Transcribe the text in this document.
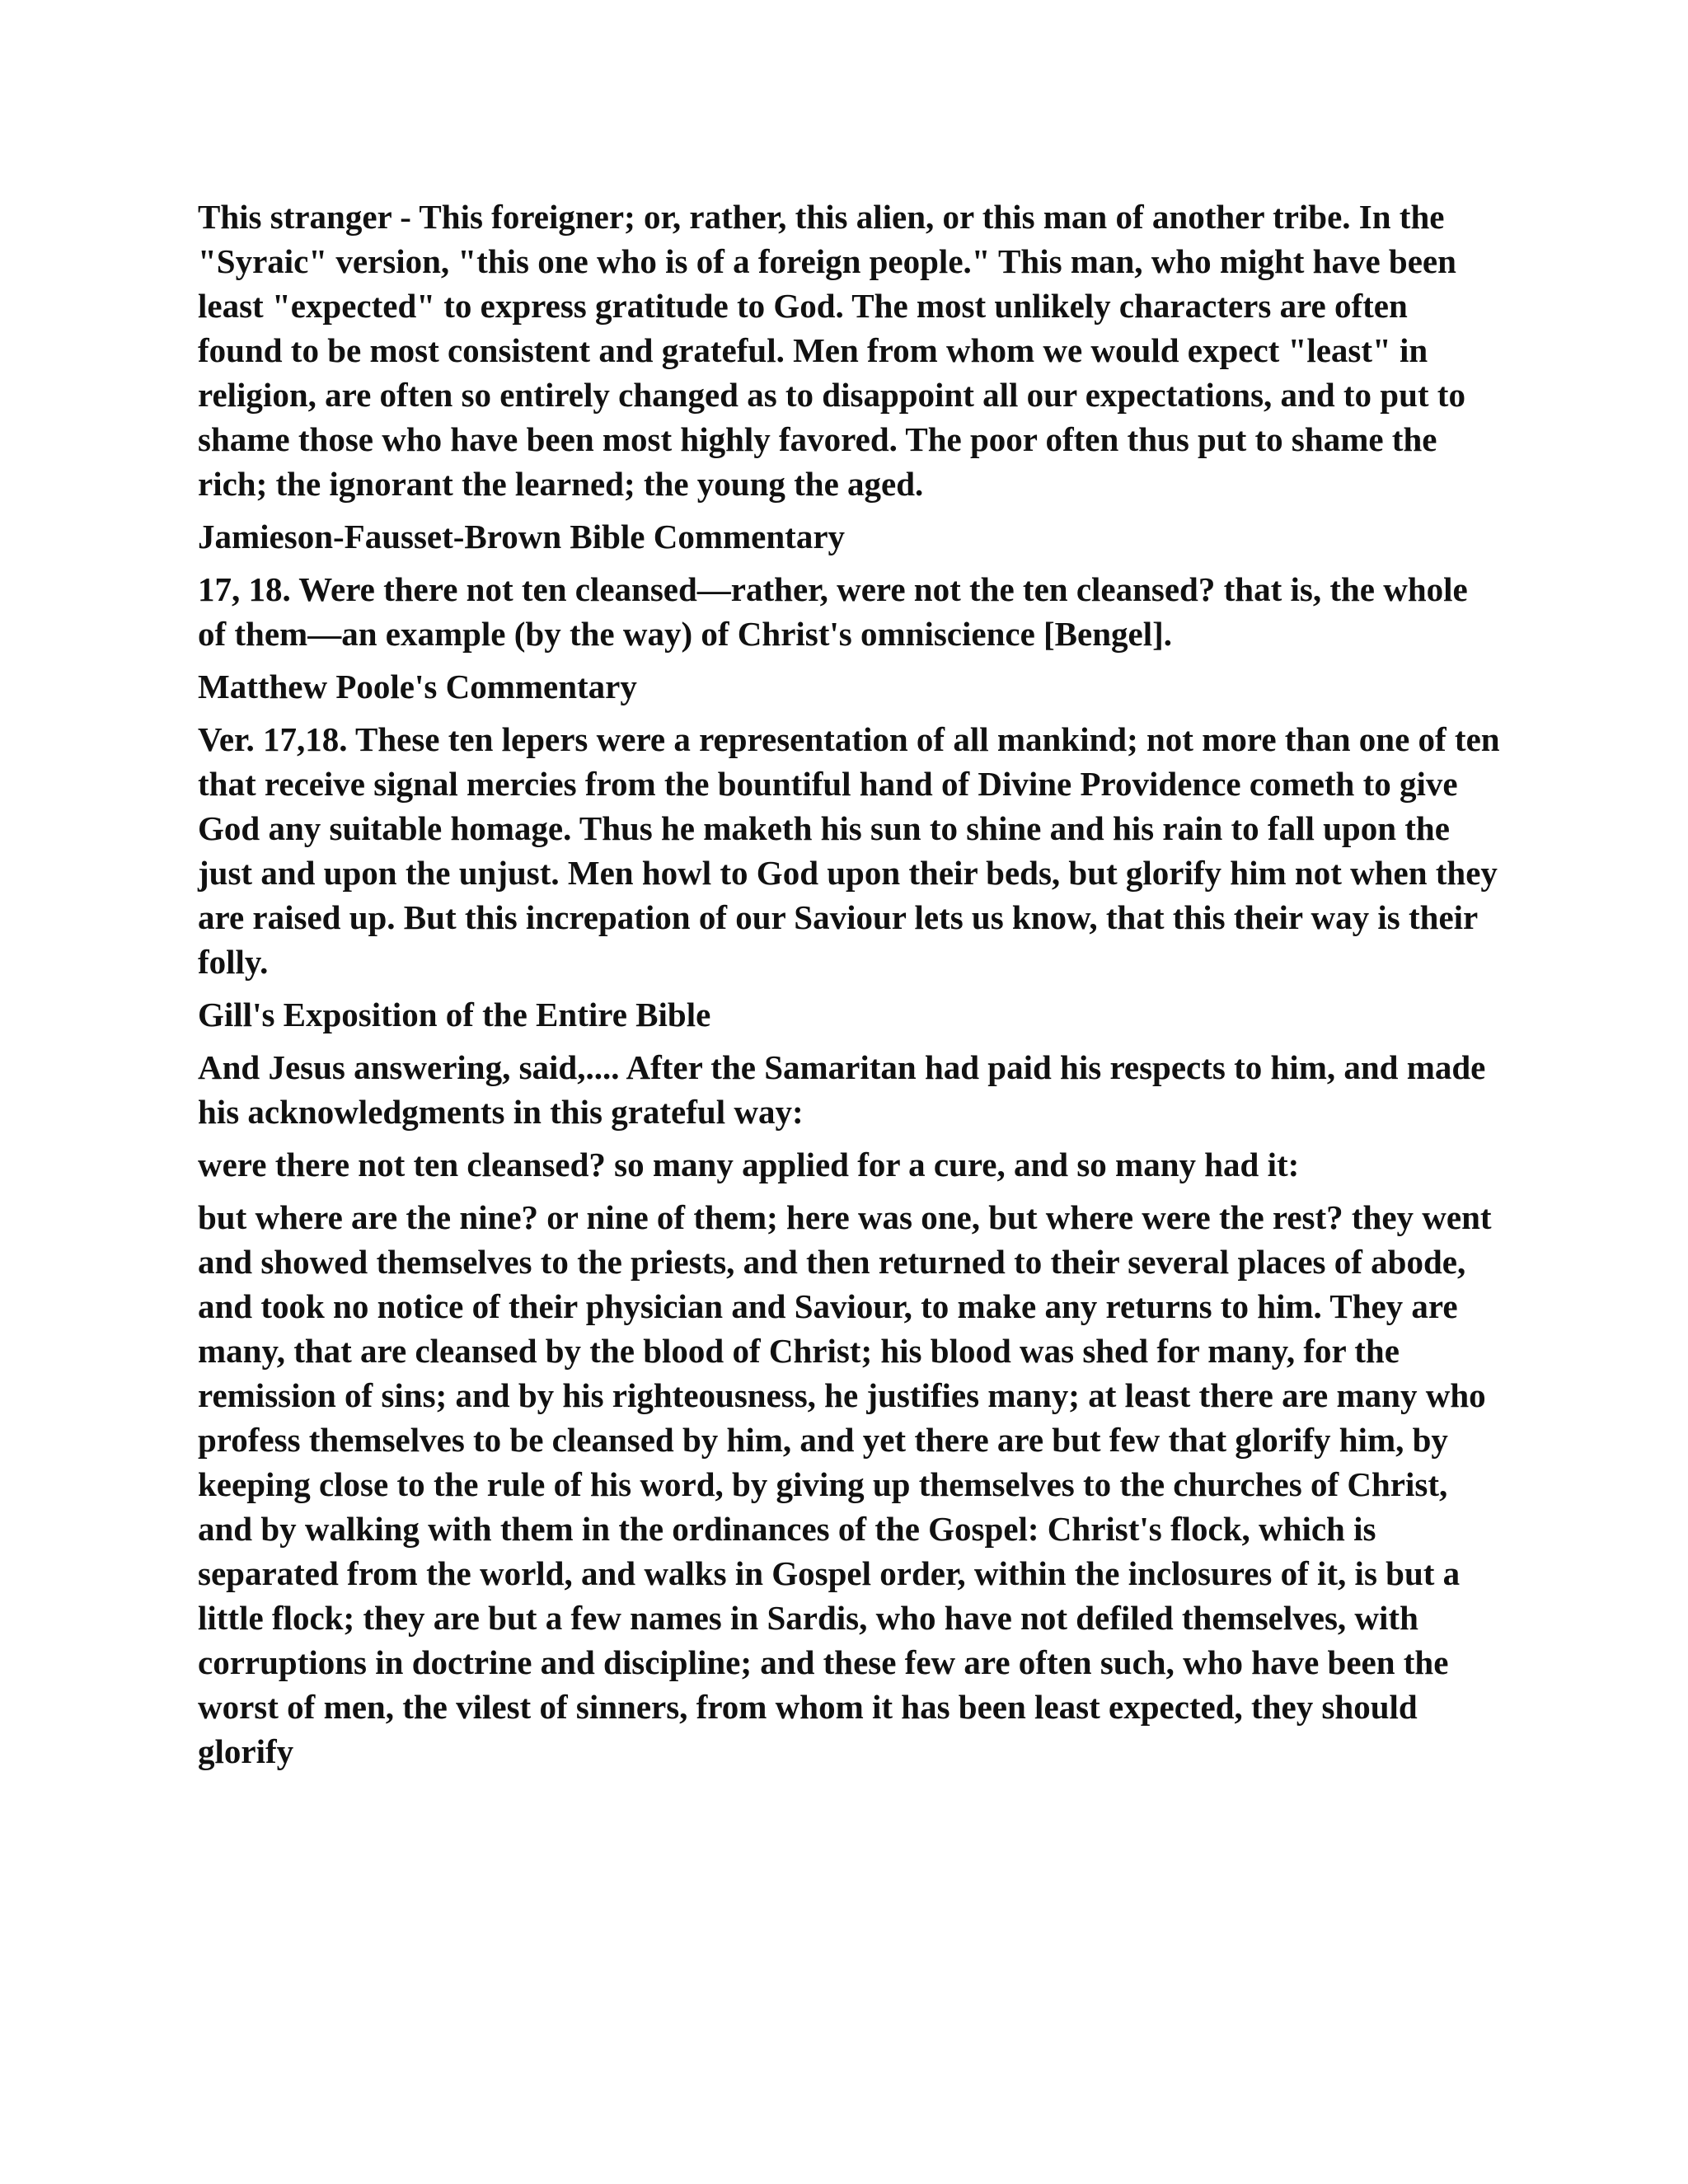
This stranger - This foreigner; or, rather, this alien, or this man of another tribe. In the "Syraic" version, "this one who is of a foreign people." This man, who might have been least "expected" to express gratitude to God. The most unlikely characters are often found to be most consistent and grateful. Men from whom we would expect "least" in religion, are often so entirely changed as to disappoint all our expectations, and to put to shame those who have been most highly favored. The poor often thus put to shame the rich; the ignorant the learned; the young the aged.

Jamieson-Fausset-Brown Bible Commentary

17, 18. Were there not ten cleansed—rather, were not the ten cleansed? that is, the whole of them—an example (by the way) of Christ's omniscience [Bengel].

Matthew Poole's Commentary

Ver. 17,18. These ten lepers were a representation of all mankind; not more than one of ten that receive signal mercies from the bountiful hand of Divine Providence cometh to give God any suitable homage. Thus he maketh his sun to shine and his rain to fall upon the just and upon the unjust. Men howl to God upon their beds, but glorify him not when they are raised up. But this increpation of our Saviour lets us know, that this their way is their folly.

Gill's Exposition of the Entire Bible

And Jesus answering, said,.... After the Samaritan had paid his respects to him, and made his acknowledgments in this grateful way:

were there not ten cleansed? so many applied for a cure, and so many had it:

but where are the nine? or nine of them; here was one, but where were the rest? they went and showed themselves to the priests, and then returned to their several places of abode, and took no notice of their physician and Saviour, to make any returns to him. They are many, that are cleansed by the blood of Christ; his blood was shed for many, for the remission of sins; and by his righteousness, he justifies many; at least there are many who profess themselves to be cleansed by him, and yet there are but few that glorify him, by keeping close to the rule of his word, by giving up themselves to the churches of Christ, and by walking with them in the ordinances of the Gospel: Christ's flock, which is separated from the world, and walks in Gospel order, within the inclosures of it, is but a little flock; they are but a few names in Sardis, who have not defiled themselves, with corruptions in doctrine and discipline; and these few are often such, who have been the worst of men, the vilest of sinners, from whom it has been least expected, they should glorify
